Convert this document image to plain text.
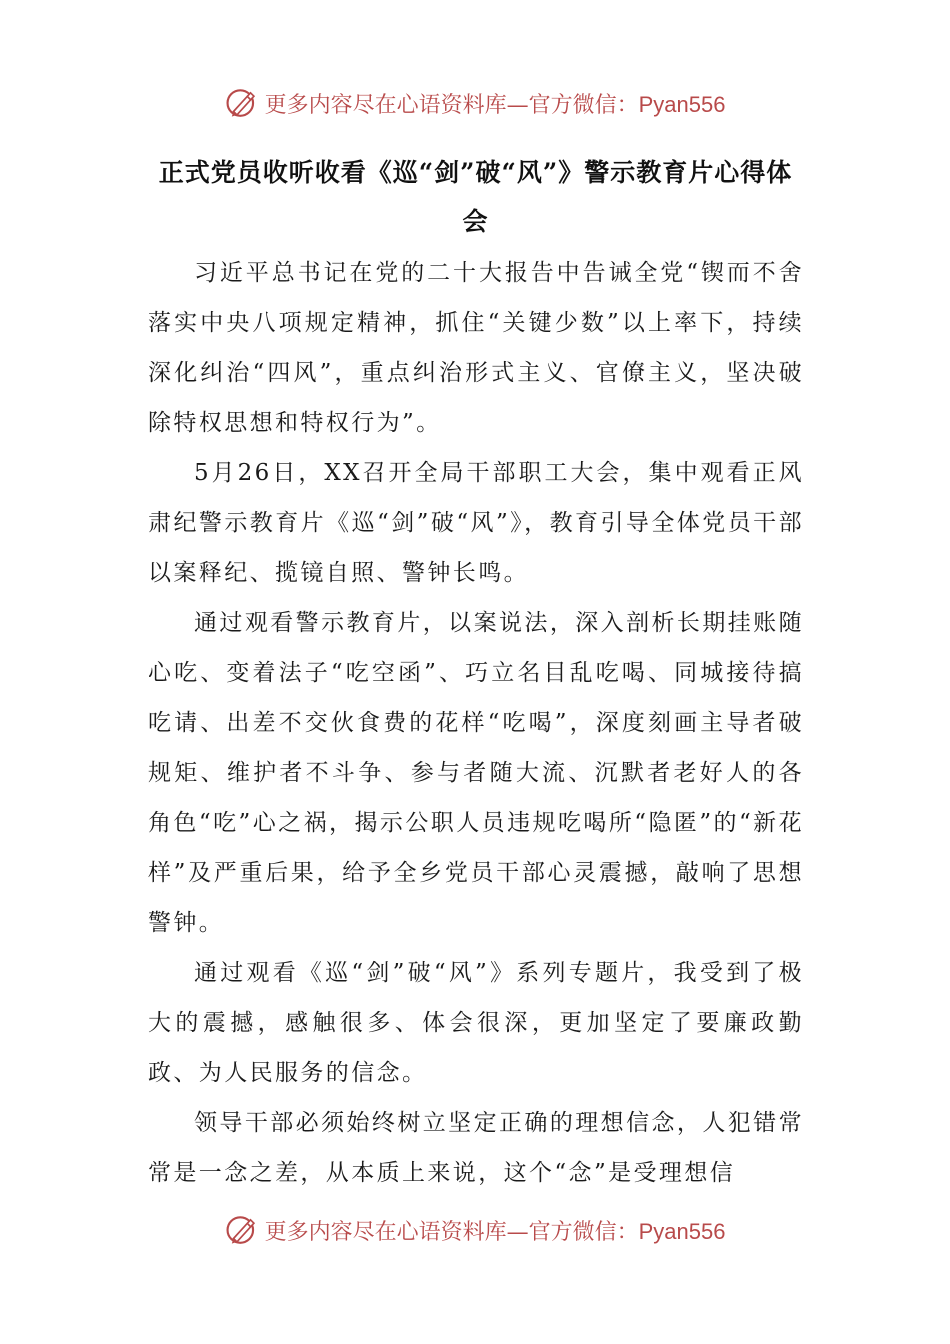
更多内容尽在心语资料库—官方微信：Pyan556
正式党员收听收看《巡“剑”破“风”》警示教育片心得体会

习近平总书记在党的二十大报告中告诫全党“锲而不舍落实中央八项规定精神，抓住“关键少数”以上率下，持续深化纠治“四风”，重点纠治形式主义、官僚主义，坚决破除特权思想和特权行为”。

5月26日，XX召开全局干部职工大会，集中观看正风肃纪警示教育片《巡“剑”破“风”》，教育引导全体党员干部以案释纪、揽镜自照、警钟长鸣。

通过观看警示教育片，以案说法，深入剖析长期挂账随心吃、变着法子“吃空函”、巧立名目乱吃喝、同城接待搞吃请、出差不交伙食费的花样“吃喝”，深度刻画主导者破规矩、维护者不斗争、参与者随大流、沉默者老好人的各角色“吃”心之祸，揭示公职人员违规吃喝所“隐匿”的“新花样”及严重后果，给予全乡党员干部心灵震撼，敲响了思想警钟。

通过观看《巡“剑”破“风”》系列专题片，我受到了极大的震撼，感触很多、体会很深，更加坚定了要廉政勤政、为人民服务的信念。

领导干部必须始终树立坚定正确的理想信念，人犯错常常是一念之差，从本质上来说，这个“念”是受理想信

更多内容尽在心语资料库—官方微信：Pyan556
